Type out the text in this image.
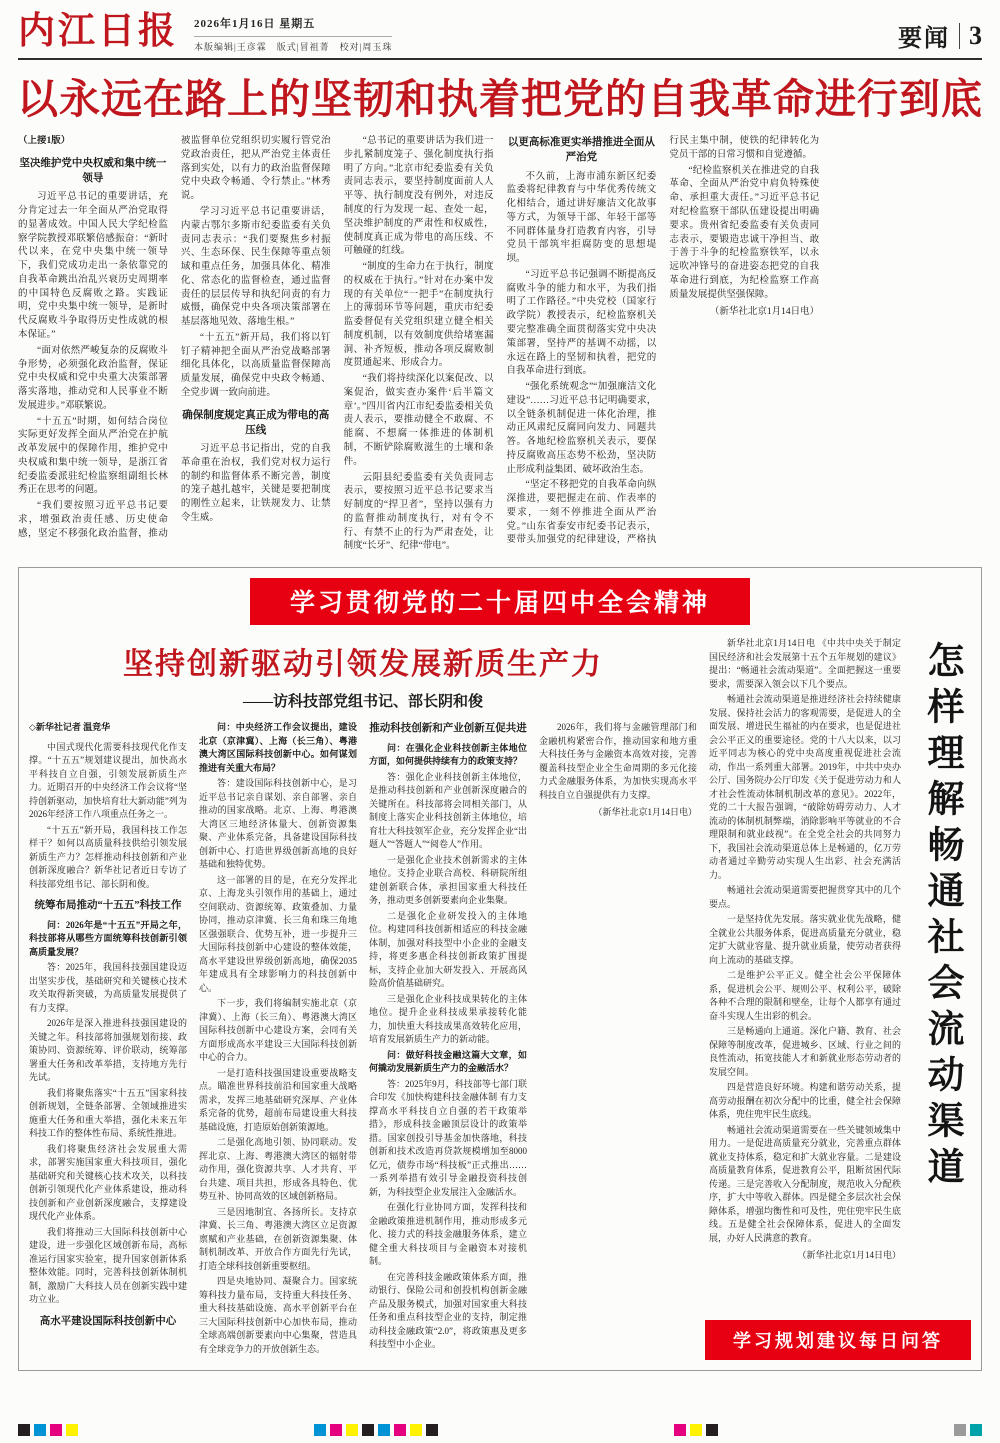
内江日报 2026年1月16日 星期五
本版编辑|王彦霖　版式|冒祖菁　校对|周玉珠	要闻 3
以永远在路上的坚韧和执着把党的自我革命进行到底

（上接1版）

坚决维护党中央权威和集中统一领导

习近平总书记的重要讲话，充分肯定过去一年全面从严治党取得的显著成效。中国人民大学纪检监察学院教授邓联繁倍感振奋：“新时代以来，在党中央集中统一领导下，我们党成功走出一条依靠党的自我革命跳出治乱兴衰历史周期率的中国特色反腐败之路。实践证明，党中央集中统一领导，是新时代反腐败斗争取得历史性成就的根本保证。”

“面对依然严峻复杂的反腐败斗争形势，必须强化政治监督，保证党中央权威和党中央重大决策部署落实落地，推动党和人民事业不断发展进步。”邓联繁说。

“十五五”时期，如何结合岗位实际更好发挥全面从严治党在护航改革发展中的保障作用，维护党中央权威和集中统一领导，是浙江省纪委监委派驻纪检监察组副组长林秀正在思考的问题。

“我们要按照习近平总书记要求，增强政治责任感、历史使命感，坚定不移强化政治监督，推动被监督单位党组织切实履行管党治党政治责任，把从严治党主体责任落到实处，以有力的政治监督保障党中央政令畅通、令行禁止。”林秀说。

学习习近平总书记重要讲话，内蒙古鄂尔多斯市纪委监委有关负责同志表示：“我们要聚焦乡村振兴、生态环保、民生保障等重点领域和重点任务，加强具体化、精准化、常态化的监督检查，通过监督责任的层层传导和执纪问责的有力威慑，确保党中央各项决策部署在基层落地见效、落地生根。”

“十五五”新开局，我们将以钉钉子精神把全面从严治党战略部署细化具体化，以高质量监督保障高质量发展，确保党中央政令畅通、全党步调一致向前进。

确保制度规定真正成为带电的高压线

习近平总书记指出，党的自我革命重在治权，我们党对权力运行的制约和监督体系不断完善，制度的笼子越扎越牢，关键是要把制度的刚性立起来，让铁规发力、让禁令生威。

“总书记的重要讲话为我们进一步扎紧制度笼子、强化制度执行指明了方向。”北京市纪委监委有关负责同志表示，要坚持制度面前人人平等、执行制度没有例外，对违反制度的行为发现一起、查处一起，坚决维护制度的严肃性和权威性，使制度真正成为带电的高压线、不可触碰的红线。

“制度的生命力在于执行，制度的权威在于执行。”针对在办案中发现的有关单位“一把手”在制度执行上的薄弱环节等问题，重庆市纪委监委督促有关党组织建立健全相关制度机制，以有效制度供给堵塞漏洞、补齐短板，推动各项反腐败制度贯通起来、形成合力。

“我们将持续深化以案促改、以案促治，做实查办案件‘后半篇文章’。”四川省内江市纪委监委相关负责人表示，要推动健全不敢腐、不能腐、不想腐一体推进的体制机制，不断铲除腐败滋生的土壤和条件。

云阳县纪委监委有关负责同志表示，要按照习近平总书记要求当好制度的“捍卫者”，坚持以强有力的监督推动制度执行，对有令不行、有禁不止的行为严肃查处，让制度“长牙”、纪律“带电”。

以更高标准更实举措推进全面从严治党

不久前，上海市浦东新区纪委监委将纪律教育与中华优秀传统文化相结合，通过讲好廉洁文化故事等方式，为领导干部、年轻干部等不同群体量身打造教育内容，引导党员干部筑牢拒腐防变的思想堤坝。

“习近平总书记强调不断提高反腐败斗争的能力和水平，为我们指明了工作路径。”中央党校（国家行政学院）教授表示，纪检监察机关要完整准确全面贯彻落实党中央决策部署，坚持严的基调不动摇，以永远在路上的坚韧和执着，把党的自我革命进行到底。

“强化系统观念”“加强廉洁文化建设”……习近平总书记明确要求，以全链条机制促进一体化治理，推动正风肃纪反腐同向发力、同题共答。各地纪检监察机关表示，要保持反腐败高压态势不松劲，坚决防止形成利益集团、破坏政治生态。

“坚定不移把党的自我革命向纵深推进，要把握走在前、作表率的要求，一刻不停推进全面从严治党。”山东省泰安市纪委书记表示，要带头加强党的纪律建设，严格执行民主集中制，使铁的纪律转化为党员干部的日常习惯和自觉遵循。

“纪检监察机关在推进党的自我革命、全面从严治党中肩负特殊使命、承担重大责任。”习近平总书记对纪检监察干部队伍建设提出明确要求。贵州省纪委监委有关负责同志表示，要锻造忠诚干净担当、敢于善于斗争的纪检监察铁军，以永远吹冲锋号的奋进姿态把党的自我革命进行到底，为纪检监察工作高质量发展提供坚强保障。

（新华社北京1月14日电）

学习贯彻党的二十届四中全会精神
坚持创新驱动引领发展新质生产力
——访科技部党组书记、部长阴和俊

◇新华社记者 温竞华

中国式现代化需要科技现代化作支撑。“十五五”规划建议提出，加快高水平科技自立自强，引领发展新质生产力。近期召开的中央经济工作会议将“坚持创新驱动，加快培育壮大新动能”列为2026年经济工作八项重点任务之一。

“十五五”新开局，我国科技工作怎样干？如何以高质量科技供给引领发展新质生产力？怎样推动科技创新和产业创新深度融合？新华社记者近日专访了科技部党组书记、部长阴和俊。

统筹布局推动“十五五”科技工作

问：2026年是“十五五”开局之年，科技部将从哪些方面统筹科技创新引领高质量发展？

答：2025年，我国科技强国建设迈出坚实步伐，基础研究和关键核心技术攻关取得新突破，为高质量发展提供了有力支撑。

2026年是深入推进科技强国建设的关键之年。科技部将加强规划衔接、政策协同、资源统筹、评价联动，统筹部署重大任务和改革举措，支持地方先行先试。

我们将聚焦落实“十五五”国家科技创新规划，全链条部署、全领域推进实施重大任务和重大举措，强化未来五年科技工作的整体性布局、系统性推进。

我们将聚焦经济社会发展重大需求，部署实施国家重大科技项目，强化基础研究和关键核心技术攻关，以科技创新引领现代化产业体系建设，推动科技创新和产业创新深度融合，支撑建设现代化产业体系。

我们将推动三大国际科技创新中心建设，进一步强化区域创新布局，高标准运行国家实验室，提升国家创新体系整体效能。同时，完善科技创新体制机制，激励广大科技人员在创新实践中建功立业。

高水平建设国际科技创新中心

问：中央经济工作会议提出，建设北京（京津冀）、上海（长三角）、粤港澳大湾区国际科技创新中心。如何谋划推进有关重大布局？

答：建设国际科技创新中心，是习近平总书记亲自谋划、亲自部署、亲自推动的国家战略。北京、上海、粤港澳大湾区三地经济体量大、创新资源集聚、产业体系完备，具备建设国际科技创新中心、打造世界级创新高地的良好基础和独特优势。

这一部署的目的是，在充分发挥北京、上海龙头引领作用的基础上，通过空间联动、资源统筹、政策叠加、力量协同，推动京津冀、长三角和珠三角地区强强联合、优势互补，进一步提升三大国际科技创新中心建设的整体效能，高水平建设世界级创新高地，确保2035年建成具有全球影响力的科技创新中心。

下一步，我们将编制实施北京（京津冀）、上海（长三角）、粤港澳大湾区国际科技创新中心建设方案，会同有关方面形成高水平建设三大国际科技创新中心的合力。

一是打造科技强国建设重要战略支点。瞄准世界科技前沿和国家重大战略需求，发挥三地基础研究深厚、产业体系完备的优势，超前布局建设重大科技基础设施，打造原始创新策源地。

二是强化高地引领、协同联动。发挥北京、上海、粤港澳大湾区的辐射带动作用，强化资源共享、人才共育、平台共建、项目共担，形成各具特色、优势互补、协同高效的区域创新格局。

三是因地制宜、各扬所长。支持京津冀、长三角、粤港澳大湾区立足资源禀赋和产业基础，在创新资源集聚、体制机制改革、开放合作方面先行先试，打造全球科技创新重要枢纽。

四是央地协同、凝聚合力。国家统筹科技力量布局，支持重大科技任务、重大科技基础设施、高水平创新平台在三大国际科技创新中心加快布局，推动全球高端创新要素向中心集聚，营造具有全球竞争力的开放创新生态。

推动科技创新和产业创新互促共进

问：在强化企业科技创新主体地位方面，如何提供持续有力的政策支持？

答：强化企业科技创新主体地位，是推动科技创新和产业创新深度融合的关键所在。科技部将会同相关部门，从制度上落实企业科技创新主体地位，培育壮大科技领军企业，充分发挥企业“出题人”“答题人”“阅卷人”作用。

一是强化企业技术创新需求的主体地位。支持企业联合高校、科研院所组建创新联合体，承担国家重大科技任务，推动更多创新要素向企业集聚。

二是强化企业研发投入的主体地位。构建同科技创新相适应的科技金融体制，加强对科技型中小企业的金融支持，将更多惠企科技创新政策扩围提标，支持企业加大研发投入、开展高风险高价值基础研究。

三是强化企业科技成果转化的主体地位。提升企业科技成果承接转化能力，加快重大科技成果高效转化应用，培育发展新质生产力的新动能。

问：做好科技金融这篇大文章，如何撬动发展新质生产力的金融活水？

答：2025年9月，科技部等七部门联合印发《加快构建科技金融体制 有力支撑高水平科技自立自强的若干政策举措》，形成科技金融顶层设计的政策举措。国家创投引导基金加快落地，科技创新和技术改造再贷款规模增加至8000亿元，债券市场“科技板”正式推出……一系列举措有效引导金融投资科技创新，为科技型企业发展注入金融活水。

在强化行业协同方面，发挥科技和金融政策推进机制作用，推动形成多元化、接力式的科技金融服务体系，建立健全重大科技项目与金融资本对接机制。

在完善科技金融政策体系方面，推动银行、保险公司和创投机构创新金融产品及服务模式，加强对国家重大科技任务和重点科技型企业的支持，制定推动科技金融政策“2.0”，将政策惠及更多科技型中小企业。

2026年，我们将与金融管理部门和金融机构紧密合作，推动国家和地方重大科技任务与金融资本高效对接，完善覆盖科技型企业全生命周期的多元化接力式金融服务体系，为加快实现高水平科技自立自强提供有力支撑。

（新华社北京1月14日电）

新华社北京1月14日电 《中共中央关于制定国民经济和社会发展第十五个五年规划的建议》提出：“畅通社会流动渠道”。全面把握这一重要要求，需要深入领会以下几个要点。

畅通社会流动渠道是推进经济社会持续健康发展、保持社会活力的客观需要，是促进人的全面发展、增进民生福祉的内在要求，也是促进社会公平正义的重要途径。党的十八大以来，以习近平同志为核心的党中央高度重视促进社会流动，作出一系列重大部署。2019年，中共中央办公厅、国务院办公厅印发《关于促进劳动力和人才社会性流动体制机制改革的意见》。2022年，党的二十大报告强调，“破除妨碍劳动力、人才流动的体制机制弊端，消除影响平等就业的不合理限制和就业歧视”。在全党全社会的共同努力下，我国社会流动渠道总体上是畅通的，亿万劳动者通过辛勤劳动实现人生出彩、社会充满活力。

畅通社会流动渠道需要把握贯穿其中的几个要点。

一是坚持优先发展。落实就业优先战略，健全就业公共服务体系，促进高质量充分就业，稳定扩大就业容量、提升就业质量，使劳动者获得向上流动的基础支撑。

二是维护公平正义。健全社会公平保障体系，促进机会公平、规则公平、权利公平，破除各种不合理的限制和壁垒，让每个人都享有通过奋斗实现人生出彩的机会。

三是畅通向上通道。深化户籍、教育、社会保障等制度改革，促进城乡、区域、行业之间的良性流动，拓宽技能人才和新就业形态劳动者的发展空间。

四是营造良好环境。构建和谐劳动关系，提高劳动报酬在初次分配中的比重，健全社会保障体系，兜住兜牢民生底线。

畅通社会流动渠道需要在一些关键领域集中用力。一是促进高质量充分就业，完善重点群体就业支持体系，稳定和扩大就业容量。二是建设高质量教育体系，促进教育公平，阻断贫困代际传递。三是完善收入分配制度，规范收入分配秩序，扩大中等收入群体。四是健全多层次社会保障体系，增强均衡性和可及性，兜住兜牢民生底线。五是健全社会保障体系，促进人的全面发展，办好人民满意的教育。

（新华社北京1月14日电）

怎样理解畅通社会流动渠道
学习规划建议每日问答
